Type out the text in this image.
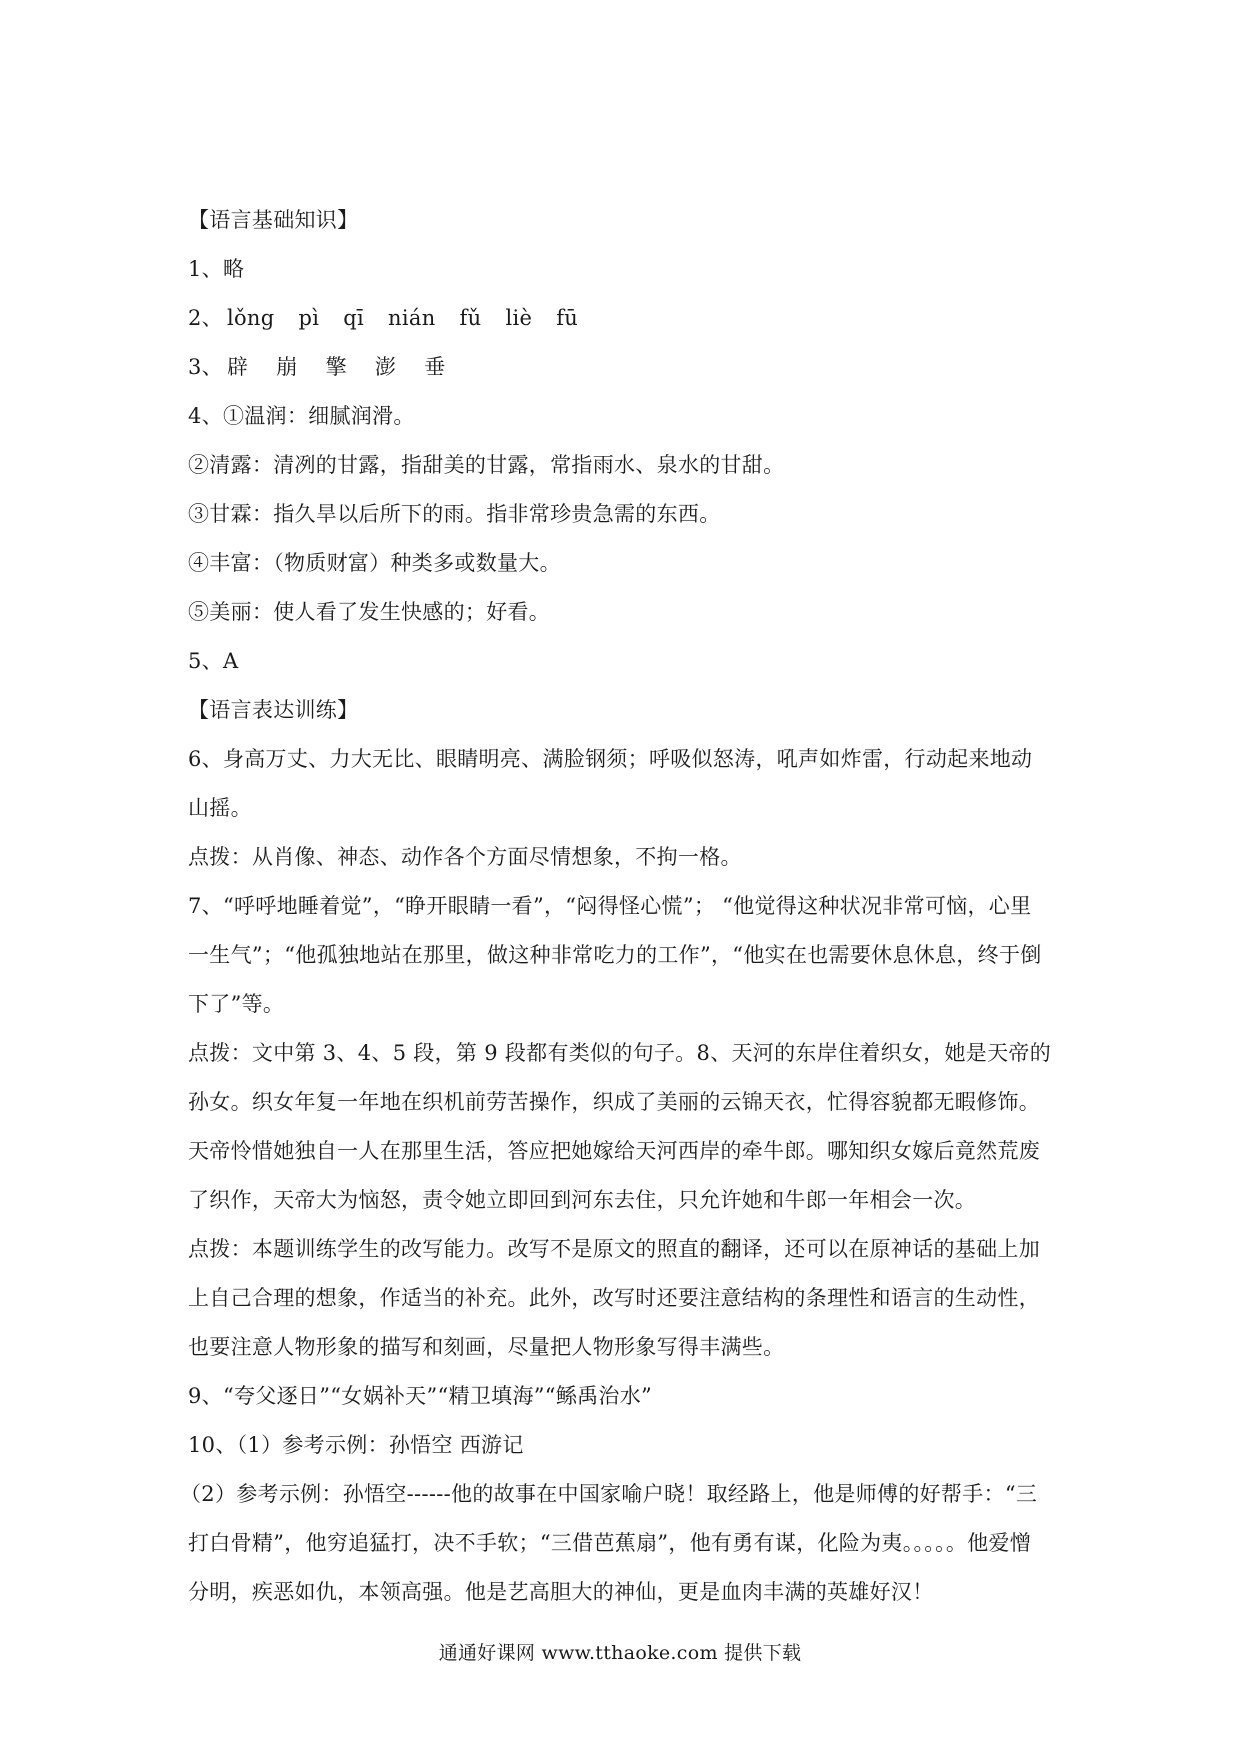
【语言基础知识】
1、略
2、 lǒng pì qī nián fǔ liè fū
3、 辟 崩 擎 澎 垂
4、①温润：细腻润滑。
②清露：清冽的甘露，指甜美的甘露，常指雨水、泉水的甘甜。
③甘霖：指久旱以后所下的雨。指非常珍贵急需的东西。
④丰富：（物质财富）种类多或数量大。
⑤美丽：使人看了发生快感的；好看。
5、A
【语言表达训练】
6、身高万丈、力大无比、眼睛明亮、满脸钢须；呼吸似怒涛，吼声如炸雷，行动起来地动
山摇。
点拨：从肖像、神态、动作各个方面尽情想象，不拘一格。
7、“呼呼地睡着觉”，“睁开眼睛一看”，“闷得怪心慌”； “他觉得这种状况非常可恼，心里
一生气”；“他孤独地站在那里，做这种非常吃力的工作”，“他实在也需要休息休息，终于倒
下了”等。
点拨：文中第 3、4、5 段，第 9 段都有类似的句子。8、天河的东岸住着织女，她是天帝的
孙女。织女年复一年地在织机前劳苦操作，织成了美丽的云锦天衣，忙得容貌都无暇修饰。
天帝怜惜她独自一人在那里生活，答应把她嫁给天河西岸的牵牛郎。哪知织女嫁后竟然荒废
了织作，天帝大为恼怒，责令她立即回到河东去住，只允许她和牛郎一年相会一次。
点拨：本题训练学生的改写能力。改写不是原文的照直的翻译，还可以在原神话的基础上加
上自己合理的想象，作适当的补充。此外，改写时还要注意结构的条理性和语言的生动性，
也要注意人物形象的描写和刻画，尽量把人物形象写得丰满些。
9、“夸父逐日”“女娲补天”“精卫填海”“鲧禹治水”
10、（1）参考示例：孙悟空 西游记
（2）参考示例：孙悟空------他的故事在中国家喻户晓！取经路上，他是师傅的好帮手：“三
打白骨精”，他穷追猛打，决不手软；“三借芭蕉扇”，他有勇有谋，化险为夷。。。。。他爱憎
分明，疾恶如仇，本领高强。他是艺高胆大的神仙，更是血肉丰满的英雄好汉！
通通好课网 www.tthaoke.com 提供下载
